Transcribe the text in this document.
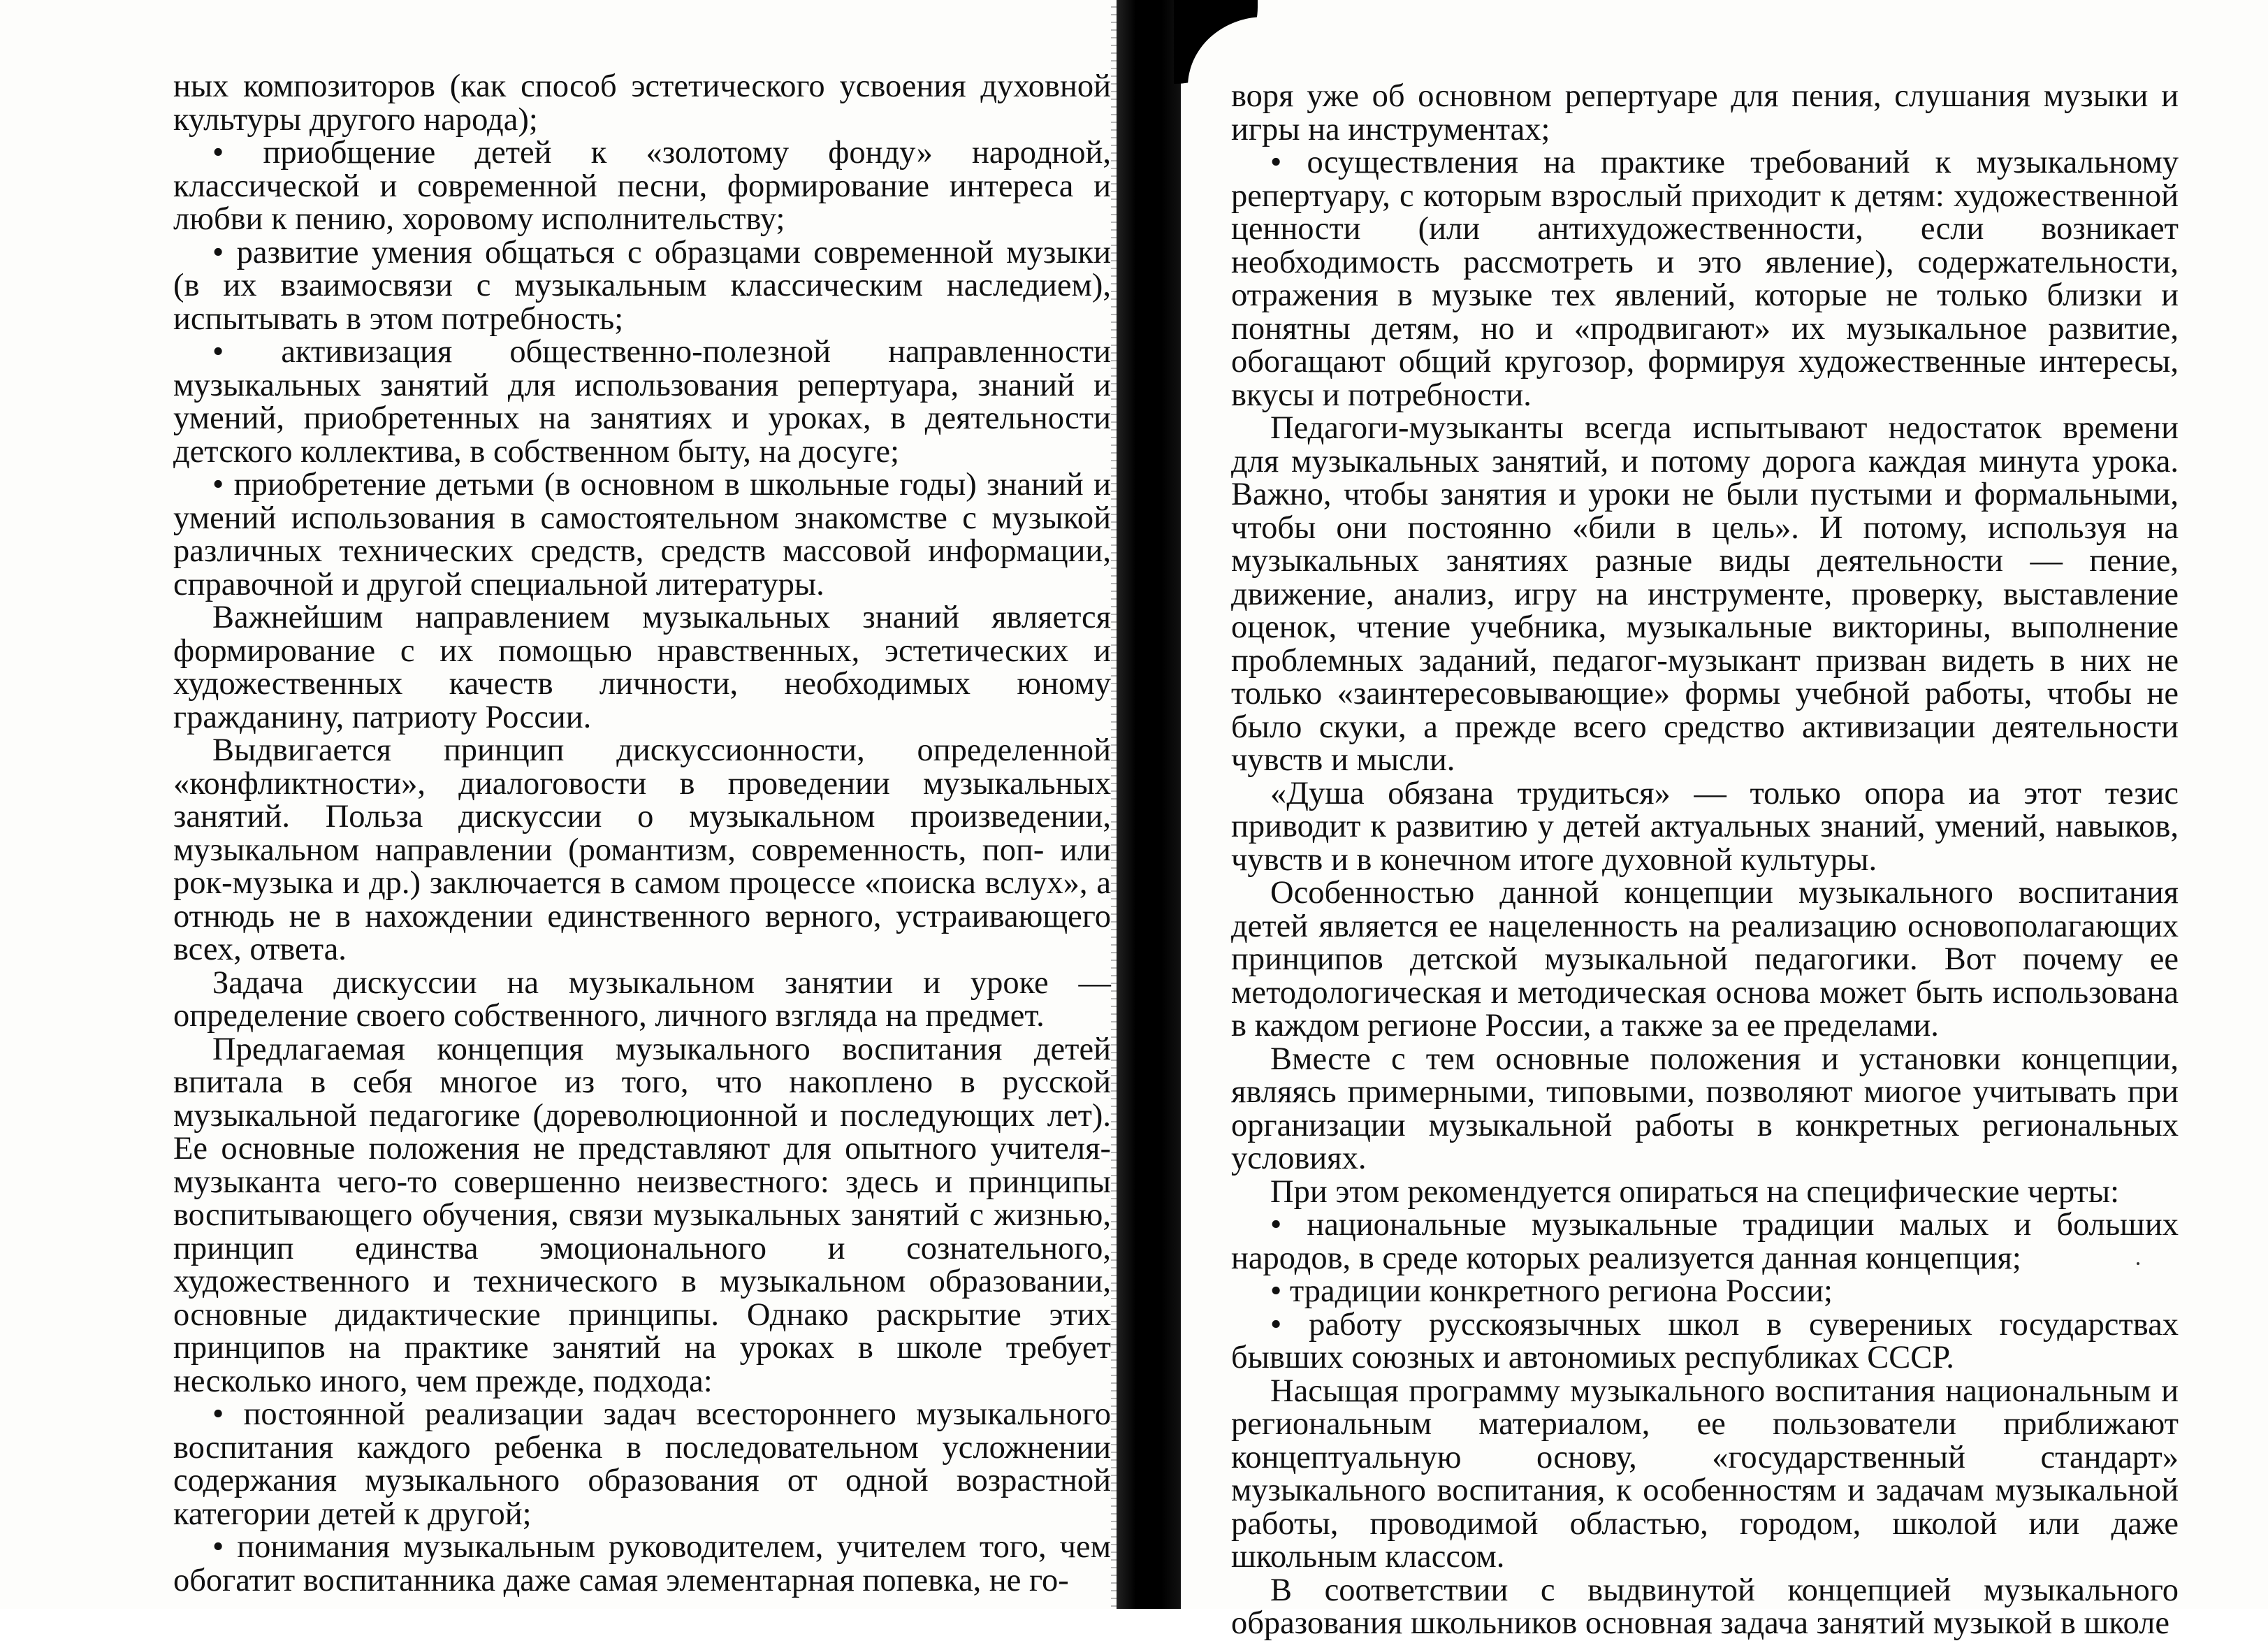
ных композиторов (как способ эстетического усвоения духовной культуры другого народа);

• приобщение детей к «золотому фонду» народной, классической и современной песни, формирование интереса и любви к пению, хоровому исполнительству;

• развитие умения общаться с образцами современной музыки (в их взаимосвязи с музыкальным классическим наследием), испытывать в этом потребность;

• активизация общественно-полезной направленности музыкальных занятий для использования репертуара, знаний и умений, приобретенных на занятиях и уроках, в деятельности детского коллектива, в собственном быту, на досуге;

• приобретение детьми (в основном в школьные годы) знаний и умений использования в самостоятельном знакомстве с музыкой различных технических средств, средств массовой информации, справочной и другой специальной литературы.

Важнейшим направлением музыкальных знаний является формирование с их помощью нравственных, эстетических и художественных качеств личности, необходимых юному гражданину, патриоту России.

Выдвигается принцип дискуссионности, определенной «конфликтности», диалоговости в проведении музыкальных занятий. Польза дискуссии о музыкальном произведении, музыкальном направлении (романтизм, современность, поп- или рок-музыка и др.) заключается в самом процессе «поиска вслух», а отнюдь не в нахождении единственного верного, устраивающего всех, ответа.

Задача дискуссии на музыкальном занятии и уроке — определение своего собственного, личного взгляда на предмет.

Предлагаемая концепция музыкального воспитания детей впитала в себя многое из того, что накоплено в русской музыкальной педагогике (дореволюционной и последующих лет). Ее основные положения не представляют для опытного учителя-музыканта чего-то совершенно неизвестного: здесь и принципы воспитывающего обучения, связи музыкальных занятий с жизнью, принцип единства эмоционального и сознательного, художественного и технического в музыкальном образовании, основные дидактические принципы. Однако раскрытие этих принципов на практике занятий на уроках в школе требует несколько иного, чем прежде, подхода:

• постоянной реализации задач всестороннего музыкального воспитания каждого ребенка в последовательном усложнении содержания музыкального образования от одной возрастной категории детей к другой;

• понимания музыкальным руководителем, учителем того, чем обогатит воспитанника даже самая элементарная попевка, не го-

воря уже об основном репертуаре для пения, слушания музыки и игры на инструментах;

• осуществления на практике требований к музыкальному репертуару, с которым взрослый приходит к детям: художественной ценности (или антихудожественности, если возникает необходимость рассмотреть и это явление), содержательности, отражения в музыке тех явлений, которые не только близки и понятны детям, но и «продвигают» их музыкальное развитие, обогащают общий кругозор, формируя художественные интересы, вкусы и потребности.

Педагоги-музыканты всегда испытывают недостаток времени для музыкальных занятий, и потому дорога каждая минута урока. Важно, чтобы занятия и уроки не были пустыми и формальными, чтобы они постоянно «били в цель». И потому, используя на музыкальных занятиях разные виды деятельности — пение, движение, анализ, игру на инструменте, проверку, выставление оценок, чтение учебника, музыкальные викторины, выполнение проблемных заданий, педагог-музыкант призван видеть в них не только «заинтересовывающие» формы учебной работы, чтобы не было скуки, а прежде всего средство активизации деятельности чувств и мысли.

«Душа обязана трудиться» — только опора иа этот тезис приводит к развитию у детей актуальных знаний, умений, навыков, чувств и в конечном итоге духовной культуры.

Особенностью данной концепции музыкального воспитания детей является ее нацеленность на реализацию основополагающих принципов детской музыкальной педагогики. Вот почему ее методологическая и методическая основа может быть использована в каждом регионе России, а также за ее пределами.

Вместе с тем основные положения и установки концепции, являясь примерными, типовыми, позволяют миогое учитывать при организации музыкальной работы в конкретных региональных условиях.

При этом рекомендуется опираться на специфические черты:

• национальные музыкальные традиции малых и больших народов, в среде которых реализуется данная концепция;

• традиции конкретного региона России;

• работу русскоязычных школ в суверениых государствах бывших союзных и автономиых республиках СССР.

Насыщая программу музыкального воспитания национальным и региональным материалом, ее пользователи приближают концептуальную основу, «государственный стандарт» музыкального воспитания, к особенностям и задачам музыкальной работы, проводимой областью, городом, школой или даже школьным классом.

В соответствии с выдвинутой концепцией музыкального образования школьников основная задача занятий музыкой в школе
